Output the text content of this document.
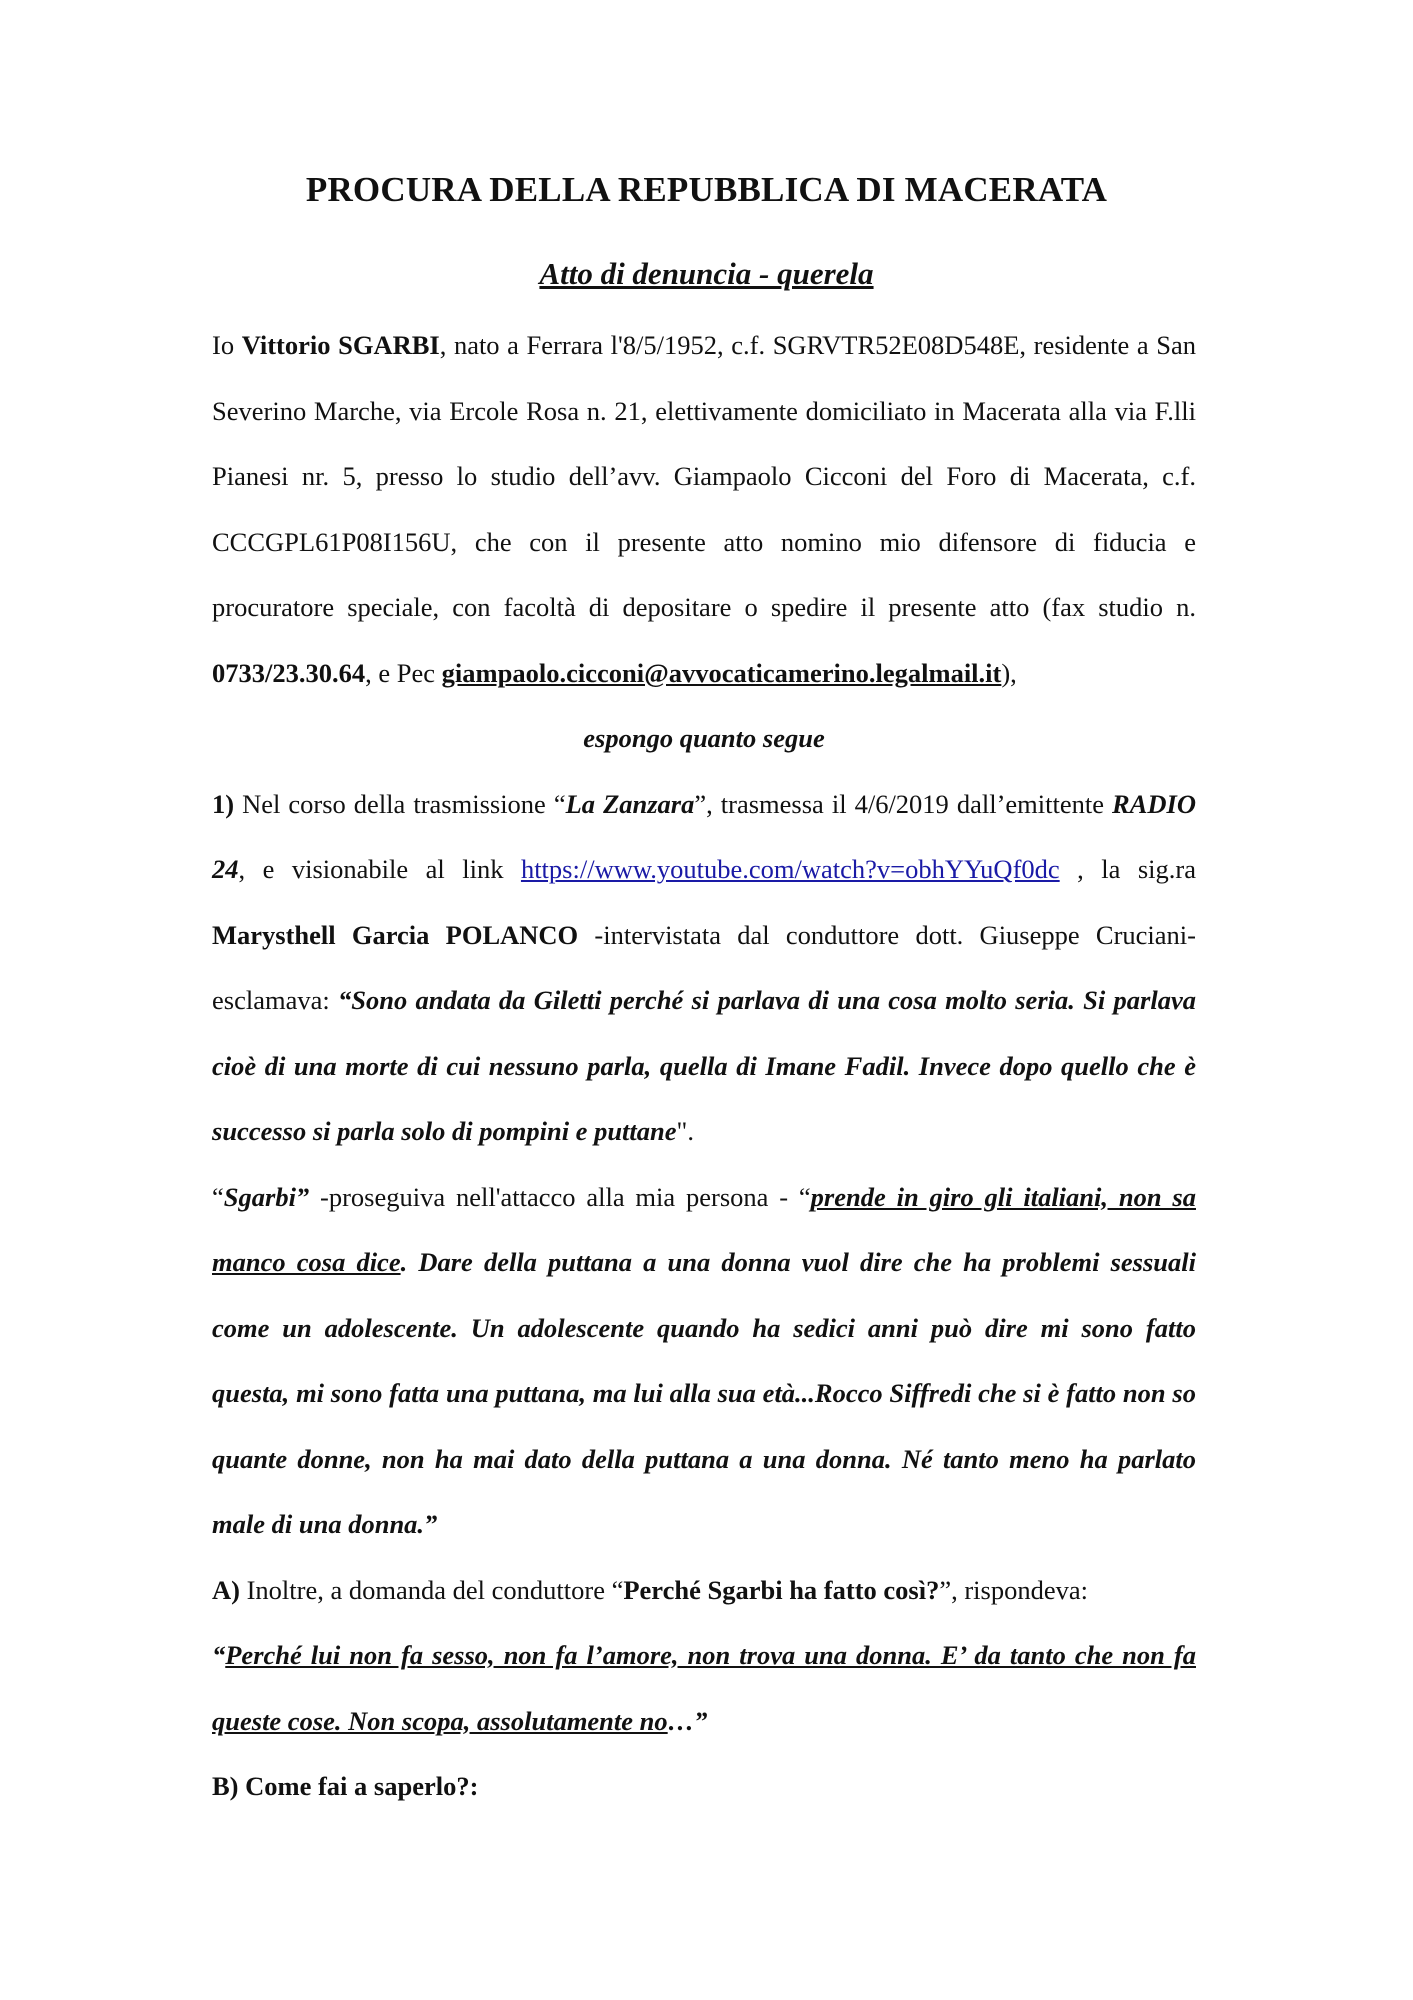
PROCURA DELLA REPUBBLICA DI MACERATA
Atto di denuncia - querela

Io Vittorio SGARBI, nato a Ferrara l'8/5/1952, c.f. SGRVTR52E08D548E, residente a San Severino Marche, via Ercole Rosa n. 21, elettivamente domiciliato in Macerata alla via F.lli Pianesi nr. 5, presso lo studio dell’avv. Giampaolo Cicconi del Foro di Macerata, c.f. CCCGPL61P08I156U, che con il presente atto nomino mio difensore di fiducia e procuratore speciale, con facoltà di depositare o spedire il presente atto (fax studio n. 0733/23.30.64, e Pec giampaolo.cicconi@avvocaticamerino.legalmail.it),

espongo quanto segue

1) Nel corso della trasmissione “La Zanzara”, trasmessa il 4/6/2019 dall’emittente RADIO 24, e visionabile al link https://www.youtube.com/watch?v=obhYYuQf0dc , la sig.ra Marysthell Garcia POLANCO -intervistata dal conduttore dott. Giuseppe Cruciani- esclamava: “Sono andata da Giletti perché si parlava di una cosa molto seria. Si parlava cioè di una morte di cui nessuno parla, quella di Imane Fadil. Invece dopo quello che è successo si parla solo di pompini e puttane".

“Sgarbi” -proseguiva nell'attacco alla mia persona - “prende in giro gli italiani, non sa manco cosa dice. Dare della puttana a una donna vuol dire che ha problemi sessuali come un adolescente. Un adolescente quando ha sedici anni può dire mi sono fatto questa, mi sono fatta una puttana, ma lui alla sua età...Rocco Siffredi che si è fatto non so quante donne, non ha mai dato della puttana a una donna. Né tanto meno ha parlato male di una donna.”

A) Inoltre, a domanda del conduttore “Perché Sgarbi ha fatto così?”, rispondeva:

“Perché lui non fa sesso, non fa l’amore, non trova una donna. E’ da tanto che non fa queste cose. Non scopa, assolutamente no…”

B) Come fai a saperlo?:
